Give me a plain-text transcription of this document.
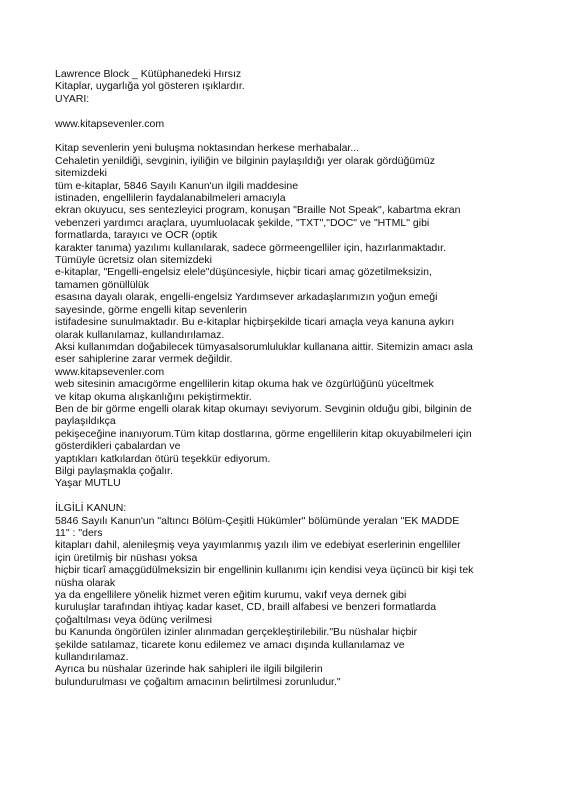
Lawrence Block _ Kütüphanedeki Hırsız
Kitaplar, uygarlığa yol gösteren ışıklardır.
UYARI:
www.kitapsevenler.com
Kitap sevenlerin yeni buluşma noktasından herkese merhabalar...
Cehaletin yenildiği, sevginin, iyiliğin ve bilginin paylaşıldığı yer olarak gördüğümüz
sitemizdeki
tüm e-kitaplar, 5846 Sayılı Kanun'un ilgili maddesine
istinaden, engellilerin faydalanabilmeleri amacıyla
ekran okuyucu, ses sentezleyici program, konuşan "Braille Not Speak", kabartma ekran
vebenzeri yardımcı araçlara, uyumluolacak şekilde, "TXT","DOC" ve "HTML" gibi
formatlarda, tarayıcı ve OCR (optik
karakter tanıma) yazılımı kullanılarak, sadece görmeengelliler için, hazırlanmaktadır.
Tümüyle ücretsiz olan sitemizdeki
e-kitaplar, "Engelli-engelsiz elele"düşüncesiyle, hiçbir ticari amaç gözetilmeksizin,
tamamen gönüllülük
esasına dayalı olarak, engelli-engelsiz Yardımsever arkadaşlarımızın yoğun emeği
sayesinde, görme engelli kitap sevenlerin
istifadesine sunulmaktadır. Bu e-kitaplar hiçbirşekilde ticari amaçla veya kanuna aykırı
olarak kullanılamaz, kullandırılamaz.
Aksi kullanımdan doğabilecek tümyasalsorumluluklar kullanana aittir. Sitemizin amacı asla
eser sahiplerine zarar vermek değildir.
www.kitapsevenler.com
web sitesinin amacıgörme engellilerin kitap okuma hak ve özgürlüğünü yüceltmek
ve kitap okuma alışkanlığını pekiştirmektir.
Ben de bir görme engelli olarak kitap okumayı seviyorum. Sevginin olduğu gibi, bilginin de
paylaşıldıkça
pekişeceğine inanıyorum.Tüm kitap dostlarına, görme engellilerin kitap okuyabilmeleri için
gösterdikleri çabalardan ve
yaptıkları katkılardan ötürü teşekkür ediyorum.
Bilgi paylaşmakla çoğalır.
Yaşar MUTLU
İLGİLİ KANUN:
5846 Sayılı Kanun'un "altıncı Bölüm-Çeşitli Hükümler" bölümünde yeralan "EK MADDE
11" : "ders
kitapları dahil, alenileşmiş veya yayımlanmış yazılı ilim ve edebiyat eserlerinin engelliler
için üretilmiş bir nüshası yoksa
hiçbir ticarî amaçgüdülmeksizin bir engellinin kullanımı için kendisi veya üçüncü bir kişi tek
nüsha olarak
ya da engellilere yönelik hizmet veren eğitim kurumu, vakıf veya dernek gibi
kuruluşlar tarafından ihtiyaç kadar kaset, CD, braill alfabesi ve benzeri formatlarda
çoğaltılması veya ödünç verilmesi
bu Kanunda öngörülen izinler alınmadan gerçekleştirilebilir."Bu nüshalar hiçbir
şekilde satılamaz, ticarete konu edilemez ve amacı dışında kullanılamaz ve
kullandırılamaz.
Ayrıca bu nüshalar üzerinde hak sahipleri ile ilgili bilgilerin
bulundurulması ve çoğaltım amacının belirtilmesi zorunludur."
